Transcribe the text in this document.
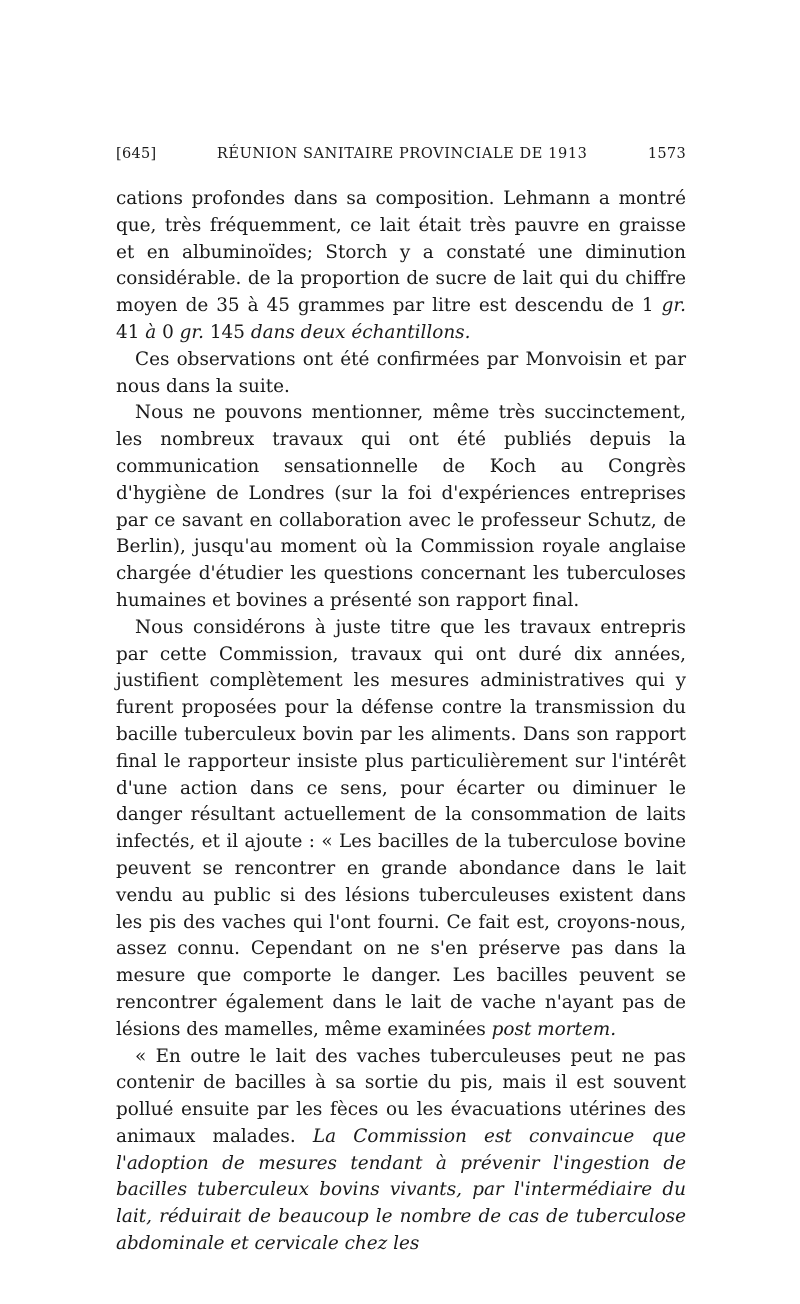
[645]	RÉUNION SANITAIRE PROVINCIALE DE 1913	1573

cations profondes dans sa composition. Lehmann a montré que, très fréquemment, ce lait était très pauvre en graisse et en albuminoïdes; Storch y a constaté une diminution considérable. de la proportion de sucre de lait qui du chiffre moyen de 35 à 45 grammes par litre est descendu de 1 gr. 41 à 0 gr. 145 dans deux échantillons.

Ces observations ont été confirmées par Monvoisin et par nous dans la suite.

Nous ne pouvons mentionner, même très succinctement, les nombreux travaux qui ont été publiés depuis la communication sensationnelle de Koch au Congrès d'hygiène de Londres (sur la foi d'expériences entreprises par ce savant en collaboration avec le professeur Schutz, de Berlin), jusqu'au moment où la Commission royale anglaise chargée d'étudier les questions concernant les tuberculoses humaines et bovines a présenté son rapport final.

Nous considérons à juste titre que les travaux entrepris par cette Commission, travaux qui ont duré dix années, justifient complètement les mesures administratives qui y furent proposées pour la défense contre la transmission du bacille tuberculeux bovin par les aliments. Dans son rapport final le rapporteur insiste plus particulièrement sur l'intérêt d'une action dans ce sens, pour écarter ou diminuer le danger résultant actuellement de la consommation de laits infectés, et il ajoute : « Les bacilles de la tuberculose bovine peuvent se rencontrer en grande abondance dans le lait vendu au public si des lésions tuberculeuses existent dans les pis des vaches qui l'ont fourni. Ce fait est, croyons-nous, assez connu. Cependant on ne s'en préserve pas dans la mesure que comporte le danger. Les bacilles peuvent se rencontrer également dans le lait de vache n'ayant pas de lésions des mamelles, même examinées post mortem.

« En outre le lait des vaches tuberculeuses peut ne pas contenir de bacilles à sa sortie du pis, mais il est souvent pollué ensuite par les fèces ou les évacuations utérines des animaux malades. La Commission est convaincue que l'adoption de mesures tendant à prévenir l'ingestion de bacilles tuberculeux bovins vivants, par l'intermédiaire du lait, réduirait de beaucoup le nombre de cas de tuberculose abdominale et cervicale chez les
